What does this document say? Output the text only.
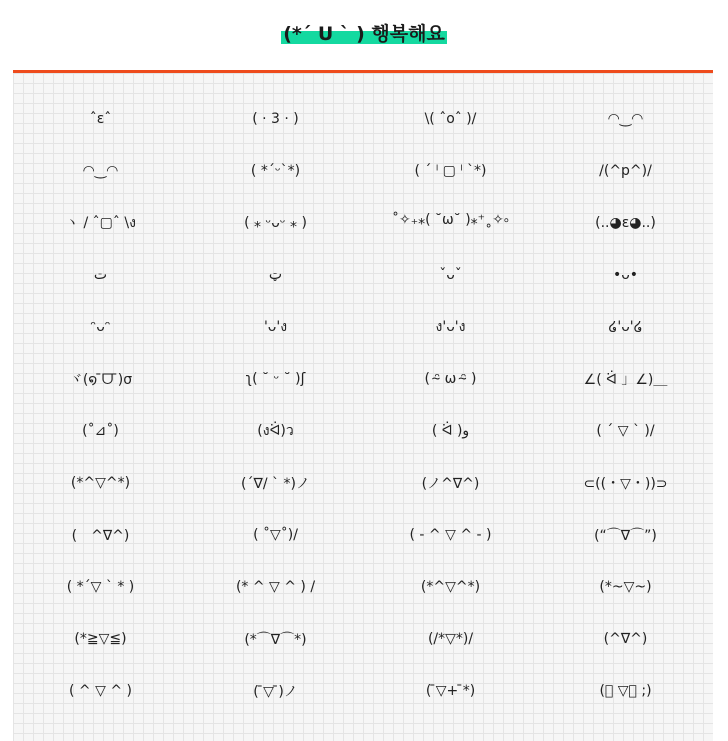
(*´ U ` ) 행복해요
ˆεˆ	( · 3 · )	\( ˆoˆ )/	◠‿◠
◠‿◠	( *ˊᵕˋ*)	( ´ ˡ ▢ ˡ `*)	/(^p^)/
ヽ / ˆ▢ˆ \ง	( ⁎ ᵕᴗᵕ ⁎ )	˚✧₊⁎( ˘ω˘ )⁎⁺˳✧༚	(..◕ε◕..)
ت	ټ	ˇᴗˇ	•ᴗ•
ᵔᴗᵔ	'ᴗ'ง	ง'ᴗ'ง	໒'ᴗ'໒
ヾ(໑ ̄ᗜ ̄)σ	ʅ( ˘ ᵕ ˘ )ʃ	( ᵔ̴ ω ᵔ̴ )	∠( ᐛ 」∠)＿
(˚⊿˚)	(งᐛ)ว	( ᐛ )و	( ´ ▽ ` )/
(*^▽^*)	(´∇/ ` *)ノ	(ノ^∇^)	⊂((・▽・))⊃
(　^∇^)	( ˚▽˚)/	( - ^ ▽ ^ - )	(“⌒∇⌒”)
( *´▽ ` * )	(* ^ ▽ ^ ) /	(*^▽^*)	(*~▽~)
(*≧▽≦)	(*⌒∇⌒*)	(/*▽*)/	(^∇^)
( ^ ▽ ^ )	( ̄▽ ̄)ノ	( ̄▽+ ̄*)	(ﾟ ▽ﾟ ;)
